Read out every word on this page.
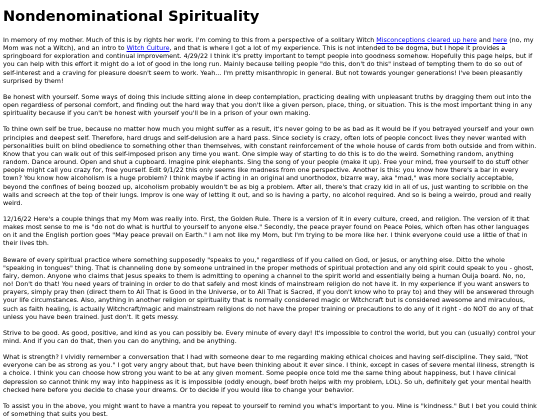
Nondenominational Spirituality

In memory of my mother. Much of this is by rights her work. I'm coming to this from a perspective of a solitary Witch Misconceptions cleared up here and here (no, my Mom was not a Witch), and an intro to Witch Culture, and that is where I got a lot of my experience. This is not intended to be dogma, but I hope it provides a springboard for exploration and continual improvement. 4/29/22 I think it's pretty important to tempt people into goodness somehow. Hopefully this page helps, but if you can help with this effort it might do a lot of good in the long run. Mainly because telling people "do this, don't do this" instead of tempting them to do so out of self-interest and a craving for pleasure doesn't seem to work. Yeah... I'm pretty misanthropic in general. But not towards younger generations! I've been pleasantly surprised by them!

Be honest with yourself. Some ways of doing this include sitting alone in deep contemplation, practicing dealing with unpleasant truths by dragging them out into the open regardless of personal comfort, and finding out the hard way that you don't like a given person, place, thing, or situation. This is the most important thing in any spirituality because if you can't be honest with yourself you'll be in a prison of your own making.

To thine own self be true, because no matter how much you might suffer as a result, it's never going to be as bad as it would be if you betrayed yourself and your own principles and deepest self. Therefore, hard drugs and self-delusion are a hard pass. Since society is crazy, often lots of people concoct lives they never wanted with personalities built on blind obedience to something other than themselves, with constant reinforcement of the whole house of cards from both outside and from within. Know that you can walk out of this self-imposed prison any time you want. One simple way of starting to do this is to do the weird. Something random, anything random. Dance around. Open and shut a cupboard. Imagine pink elephants. Sing the song of your people (make it up). Free your mind, free yourself to do stuff other people might call you crazy for, free yourself. Edit 9/1/22 this only seems like madness from one perspective. Another is this: you know how there's a bar in every town? You know how alcoholism is a huge problem? I think maybe if acting in an original and unorthodox, bizarre way, aka "mad," was more socially acceptable, beyond the confines of being boozed up, alcoholism probably wouldn't be as big a problem. After all, there's that crazy kid in all of us, just wanting to scribble on the walls and screech at the top of their lungs. Improv is one way of letting it out, and so is having a party, no alcohol required. And so is being a weirdo, proud and really weird.

12/16/22 Here's a couple things that my Mom was really into. First, the Golden Rule. There is a version of it in every culture, creed, and religion. The version of it that makes most sense to me is "do not do what is hurtful to yourself to anyone else." Secondly, the peace prayer found on Peace Poles, which often has other languages on it and the English portion goes "May peace prevail on Earth." I am not like my Mom, but I'm trying to be more like her. I think everyone could use a little of that in their lives tbh.

Beware of every spiritual practice where something supposedly "speaks to you," regardless of if you called on God, or Jesus, or anything else. Ditto the whole "speaking in tongues" thing. That is channeling done by someone untrained in the proper methods of spiritual protection and any old spirit could speak to you - ghost, fairy, demon. Anyone who claims that Jesus speaks to them is admitting to opening a channel to the spirit world and essentially being a human Ouija board. No, no, no! Don't do that! You need years of training in order to do that safely and most kinds of mainstream religion do not have it. In my experience if you want answers to prayers, simply pray then (direct them to All That is Good in the Universe, or to All That is Sacred, if you don't know who to pray to) and they will be answered through your life circumstances. Also, anything in another religion or spirituality that is normally considered magic or Witchcraft but is considered awesome and miraculous, such as faith healing, is actually Witchcraft/magic and mainstream religions do not have the proper training or precautions to do any of it right - do NOT do any of that unless you have been trained. Just don't. It gets messy.

Strive to be good. As good, positive, and kind as you can possibly be. Every minute of every day! It's impossible to control the world, but you can (usually) control your mind. And if you can do that, then you can do anything, and be anything.

What is strength? I vividly remember a conversation that I had with someone dear to me regarding making ethical choices and having self-discipline. They said, "Not everyone can be as strong as you." I got very angry about that, but have been thinking about it ever since. I think, except in cases of severe mental illness, strength is a choice. I think you can choose how strong you want to be at any given moment. Some people once told me the same thing about happiness, but I have clinical depression so cannot think my way into happiness as it is impossible (oddly enough, beef broth helps with my problem, LOL). So uh, definitely get your mental health checked here before you decide to chase your dreams. Or to decide if you would like to change your behavior.

To assist you in the above, you might want to have a mantra you repeat to yourself to remind you what's important to you. Mine is "kindness." But I bet you could think of something that suits you best.
